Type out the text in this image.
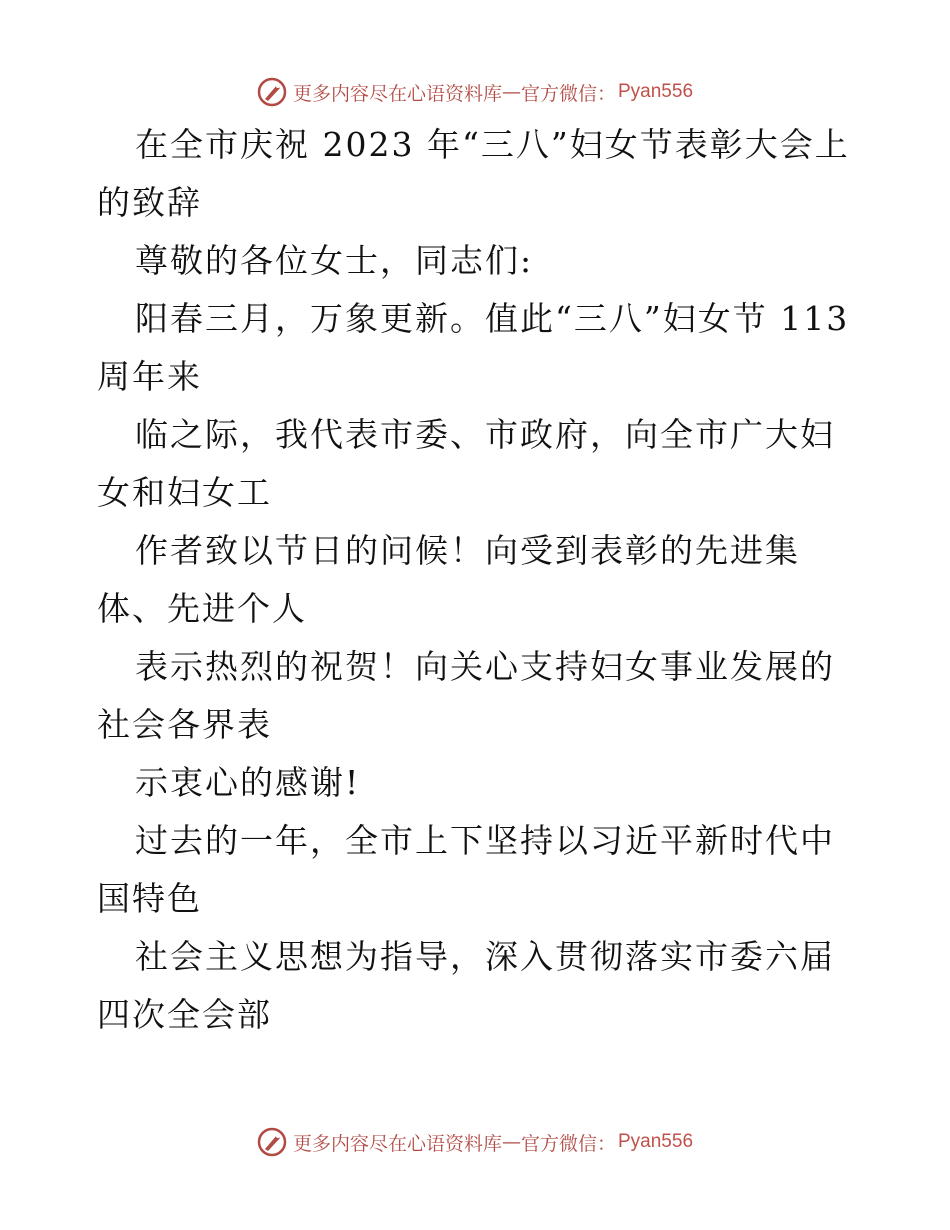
更多内容尽在心语资料库 — 官方微信： Pyan556

在全市庆祝 2023 年“三八”妇女节表彰大会上的致辞

尊敬的各位女士，同志们:

阳春三月，万象更新。值此“三八”妇女节 113 周年来

临之际，我代表市委、市政府，向全市广大妇女和妇女工

作者致以节日的问候！向受到表彰的先进集体、先进个人

表示热烈的祝贺！向关心支持妇女事业发展的社会各界表

示衷心的感谢!

过去的一年，全市上下坚持以习近平新时代中国特色

社会主义思想为指导，深入贯彻落实市委六届四次全会部

更多内容尽在心语资料库 — 官方微信： Pyan556
